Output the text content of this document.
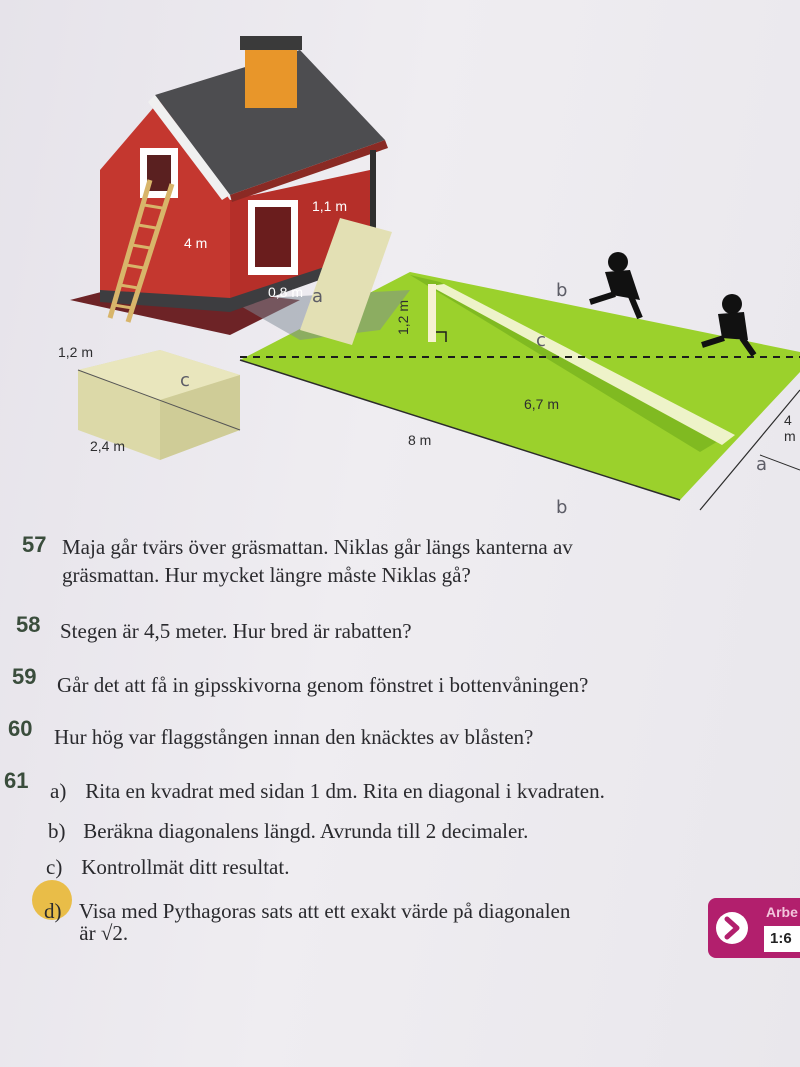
b
c
a
b
c
a
1,1 m
4 m
0,8 m
1,2 m
1,2 m
2,4 m
6,7 m
8 m
4 m
57 Maja går tvärs över gräsmattan. Niklas går längs kanterna av
gräsmattan. Hur mycket längre måste Niklas gå?
58 Stegen är 4,5 meter. Hur bred är rabatten?
59 Går det att få in gipsskivorna genom fönstret i bottenvåningen?
60 Hur hög var flaggstången innan den knäcktes av blåsten?
61 a) Rita en kvadrat med sidan 1 dm. Rita en diagonal i kvadraten.
b) Beräkna diagonalens längd. Avrunda till 2 decimaler.
c) Kontrollmät ditt resultat.
d) Visa med Pythagoras sats att ett exakt värde på diagonalen
är √2.
Arbe
1:6
